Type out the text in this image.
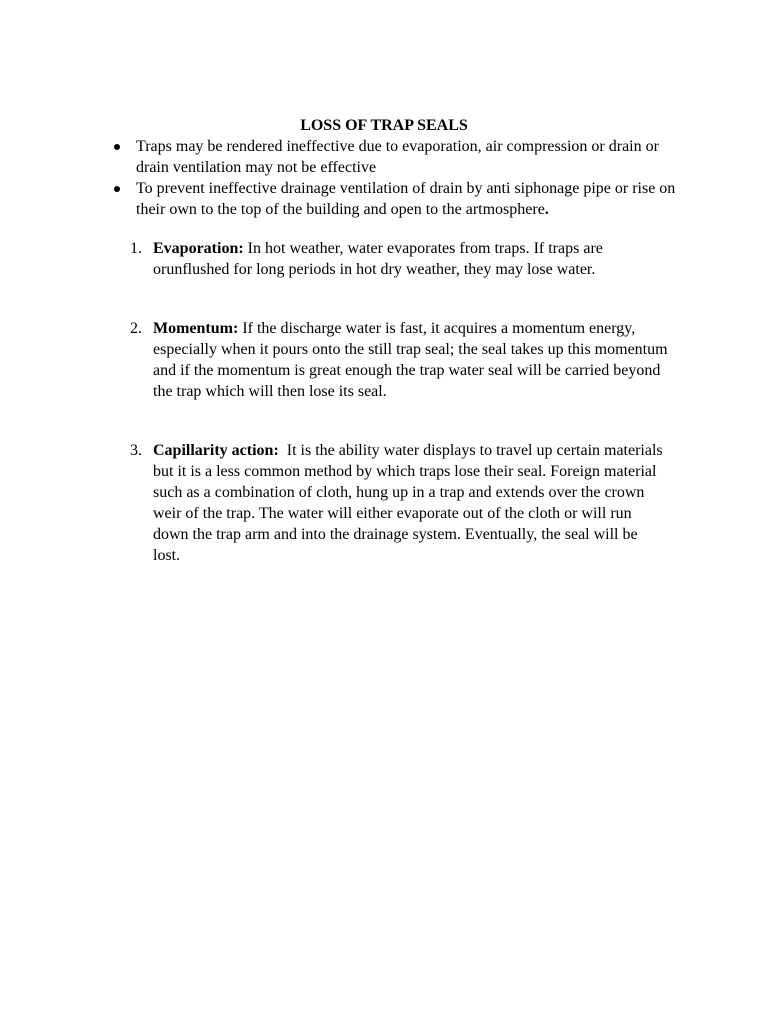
LOSS OF TRAP SEALS
Traps may be rendered ineffective due to evaporation, air compression or drain or drain ventilation may not be effective
To prevent ineffective drainage ventilation of drain by anti siphonage pipe or rise on their own to the top of the building and open to the artmosphere.
1. Evaporation: In hot weather, water evaporates from traps. If traps are orunflushed for long periods in hot dry weather, they may lose water.
2. Momentum: If the discharge water is fast, it acquires a momentum energy, especially when it pours onto the still trap seal; the seal takes up this momentum and if the momentum is great enough the trap water seal will be carried beyond the trap which will then lose its seal.
3. Capillarity action:  It is the ability water displays to travel up certain materials but it is a less common method by which traps lose their seal. Foreign material such as a combination of cloth, hung up in a trap and extends over the crown weir of the trap. The water will either evaporate out of the cloth or will run down the trap arm and into the drainage system. Eventually, the seal will be lost.
